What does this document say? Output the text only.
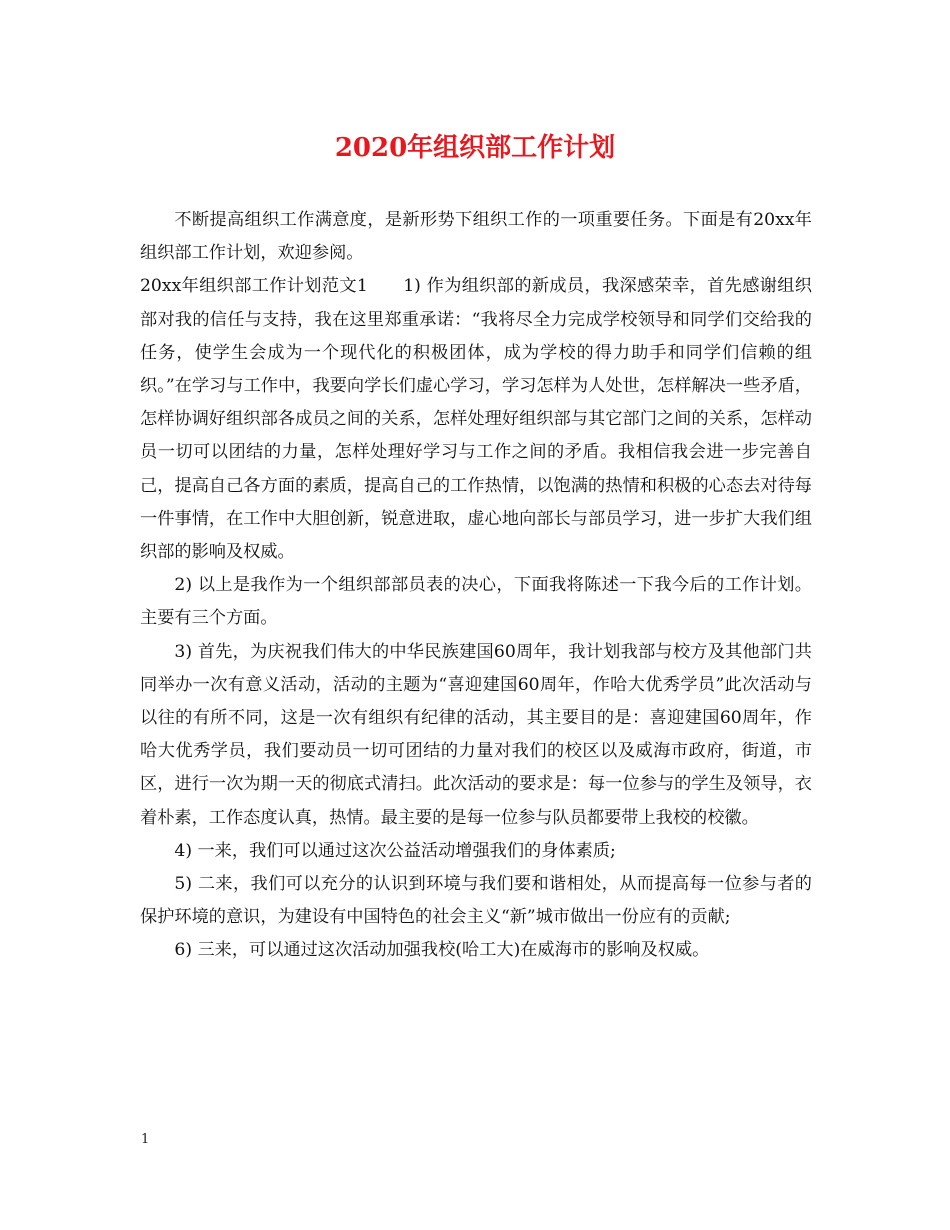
2020年组织部工作计划

不断提高组织工作满意度，是新形势下组织工作的一项重要任务。下面是有20xx年组织部工作计划，欢迎参阅。

20xx年组织部工作计划范文1　　1) 作为组织部的新成员，我深感荣幸，首先感谢组织部对我的信任与支持，我在这里郑重承诺：“我将尽全力完成学校领导和同学们交给我的任务，使学生会成为一个现代化的积极团体，成为学校的得力助手和同学们信赖的组织。”在学习与工作中，我要向学长们虚心学习，学习怎样为人处世，怎样解决一些矛盾，怎样协调好组织部各成员之间的关系，怎样处理好组织部与其它部门之间的关系，怎样动员一切可以团结的力量，怎样处理好学习与工作之间的矛盾。我相信我会进一步完善自己，提高自己各方面的素质，提高自己的工作热情，以饱满的热情和积极的心态去对待每一件事情，在工作中大胆创新，锐意进取，虚心地向部长与部员学习，进一步扩大我们组织部的影响及权威。

2) 以上是我作为一个组织部部员表的决心，下面我将陈述一下我今后的工作计划。主要有三个方面。

3) 首先，为庆祝我们伟大的中华民族建国60周年，我计划我部与校方及其他部门共同举办一次有意义活动，活动的主题为“喜迎建国60周年，作哈大优秀学员”此次活动与以往的有所不同，这是一次有组织有纪律的活动，其主要目的是：喜迎建国60周年，作哈大优秀学员，我们要动员一切可团结的力量对我们的校区以及威海市政府，街道，市区，进行一次为期一天的彻底式清扫。此次活动的要求是：每一位参与的学生及领导，衣着朴素，工作态度认真，热情。最主要的是每一位参与队员都要带上我校的校徽。

4) 一来，我们可以通过这次公益活动增强我们的身体素质;

5) 二来，我们可以充分的认识到环境与我们要和谐相处，从而提高每一位参与者的保护环境的意识，为建设有中国特色的社会主义“新”城市做出一份应有的贡献;

6) 三来，可以通过这次活动加强我校(哈工大)在威海市的影响及权威。

1
